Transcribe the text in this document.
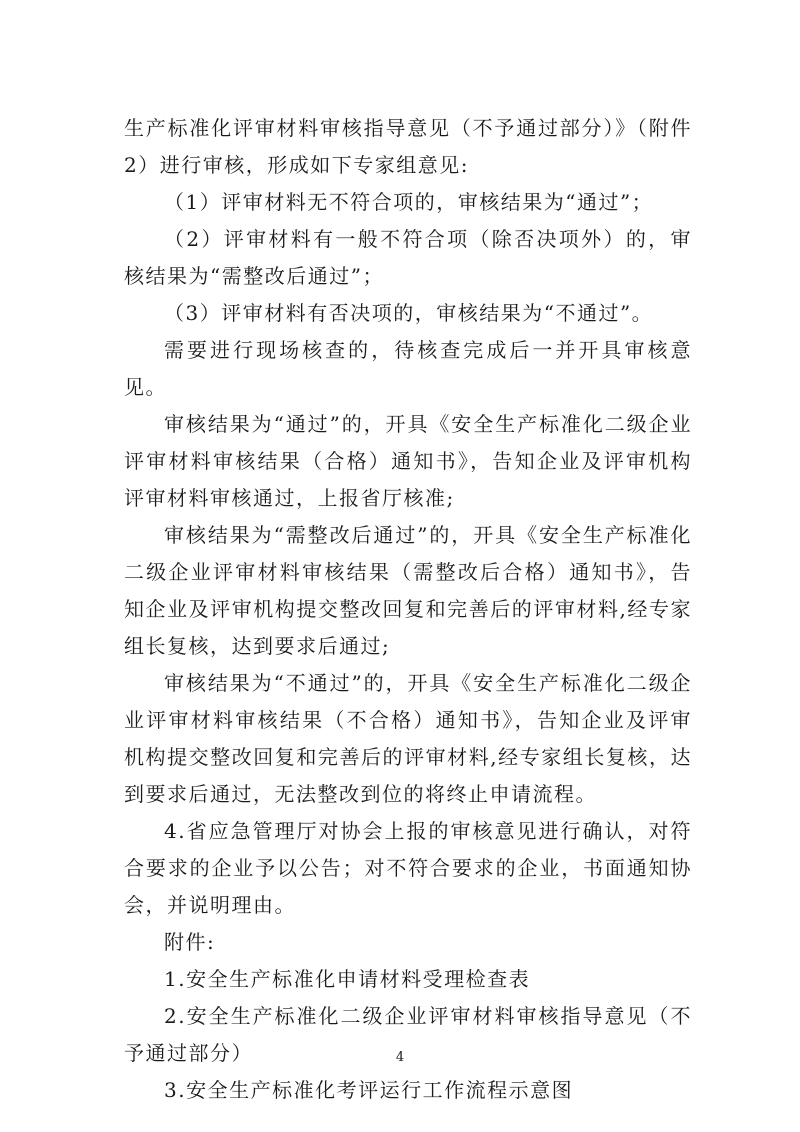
生产标准化评审材料审核指导意见（不予通过部分）》（附件 2）进行审核，形成如下专家组意见:

（1）评审材料无不符合项的，审核结果为“通过”；

（2）评审材料有一般不符合项（除否决项外）的，审核结果为“需整改后通过”；

（3）评审材料有否决项的，审核结果为“不通过”。

需要进行现场核查的，待核查完成后一并开具审核意见。

审核结果为“通过”的，开具《安全生产标准化二级企业评审材料审核结果（合格）通知书》，告知企业及评审机构评审材料审核通过，上报省厅核准;

审核结果为“需整改后通过”的，开具《安全生产标准化二级企业评审材料审核结果（需整改后合格）通知书》，告知企业及评审机构提交整改回复和完善后的评审材料,经专家组长复核，达到要求后通过;

审核结果为“不通过”的，开具《安全生产标准化二级企业评审材料审核结果（不合格）通知书》，告知企业及评审机构提交整改回复和完善后的评审材料,经专家组长复核，达到要求后通过，无法整改到位的将终止申请流程。

4.省应急管理厅对协会上报的审核意见进行确认，对符合要求的企业予以公告；对不符合要求的企业，书面通知协会，并说明理由。

附件:

1.安全生产标准化申请材料受理检查表

2.安全生产标准化二级企业评审材料审核指导意见（不予通过部分）

3.安全生产标准化考评运行工作流程示意图

4
